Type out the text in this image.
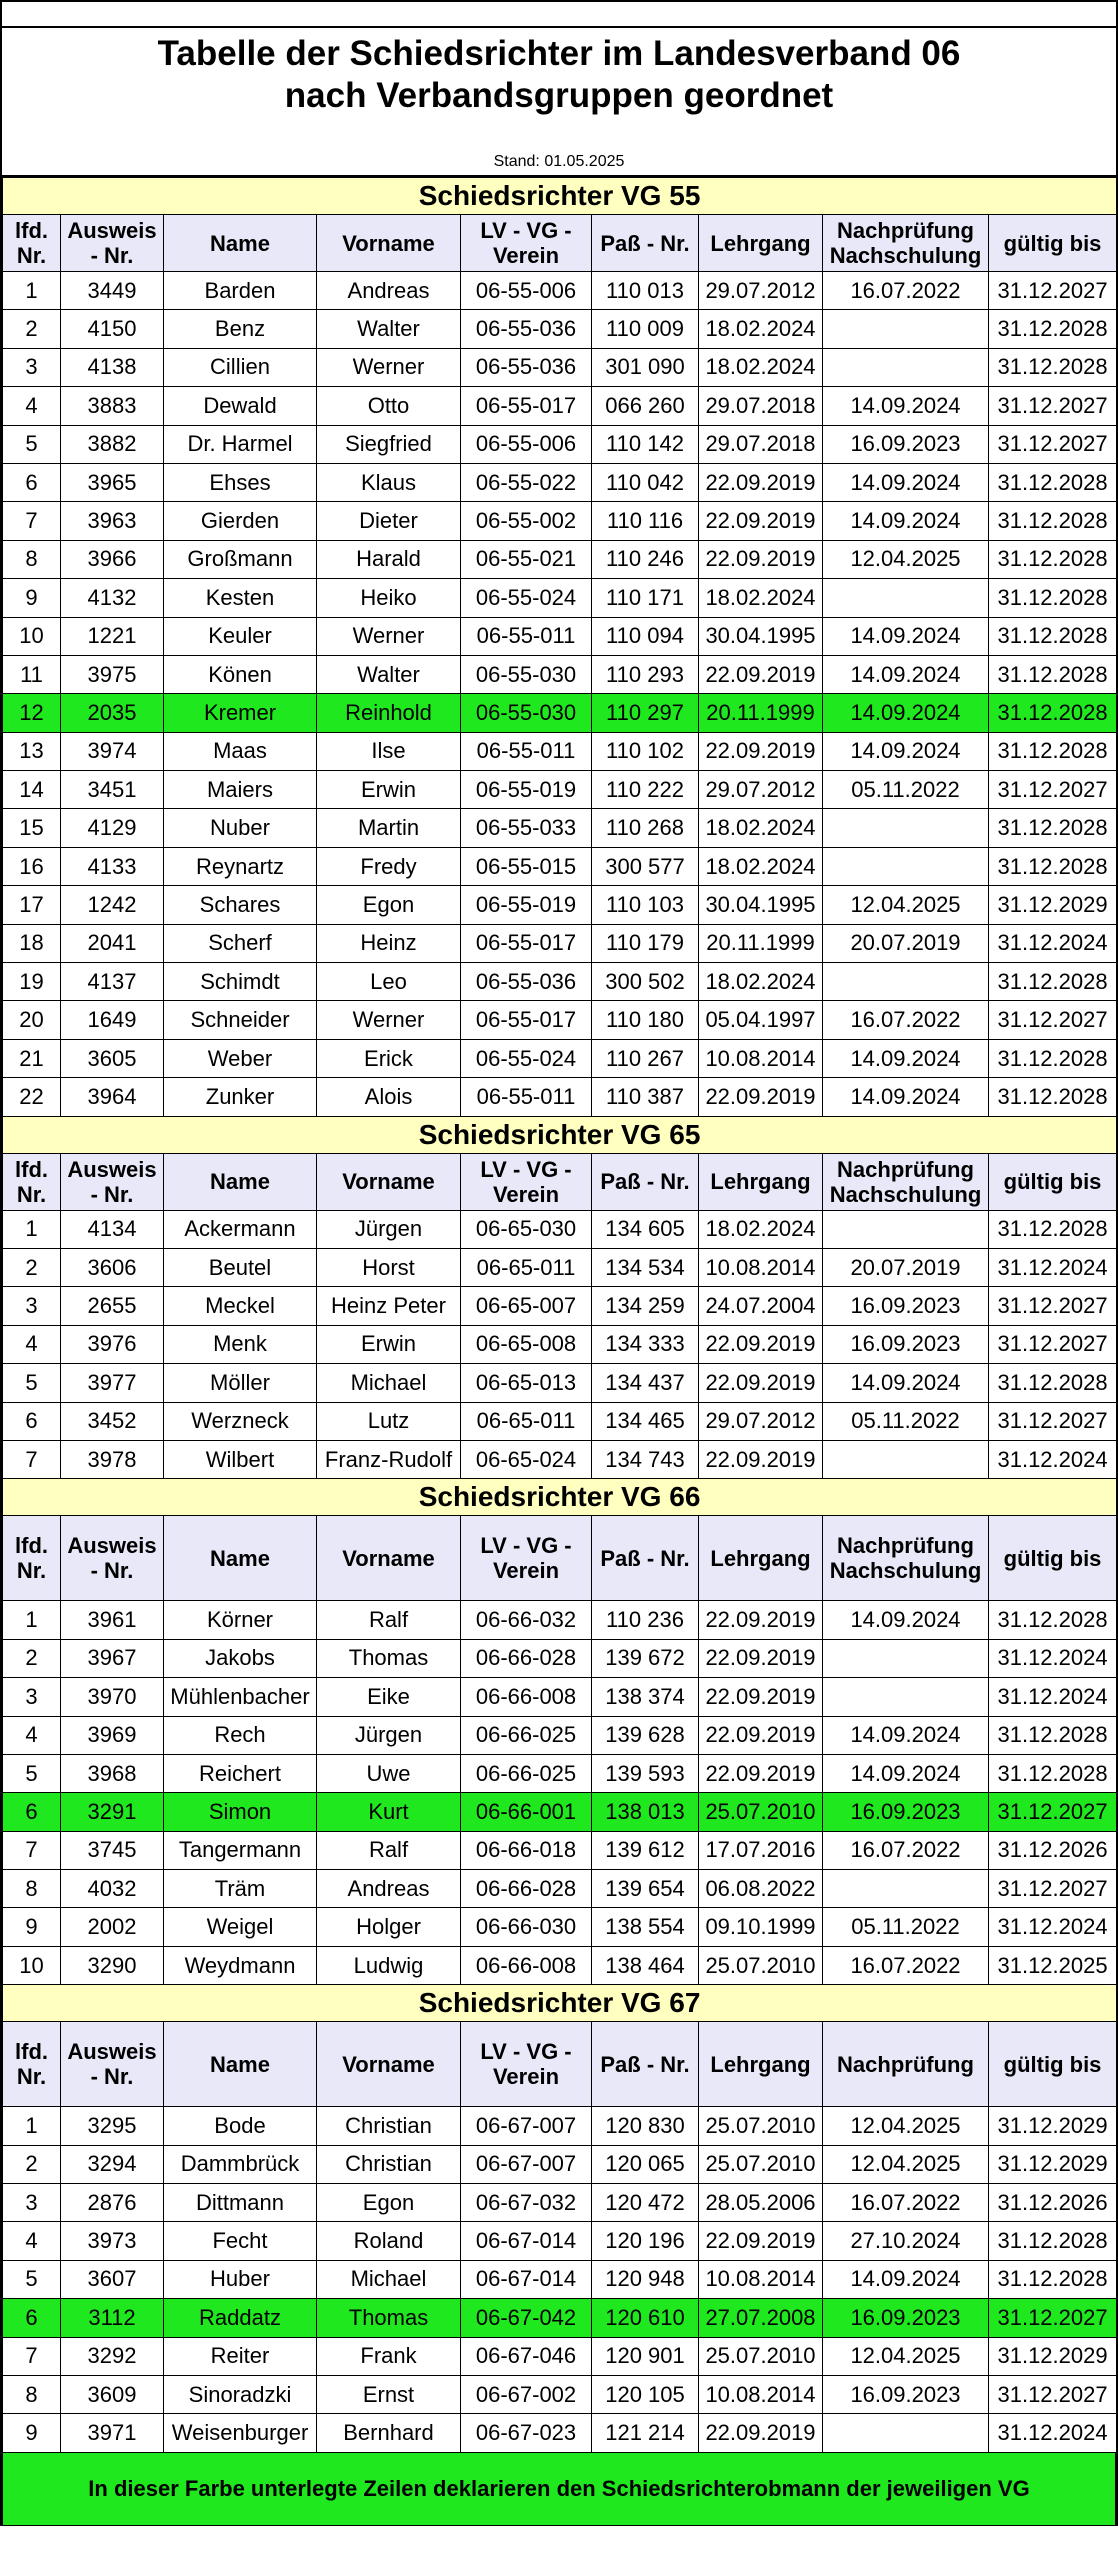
Tabelle der Schiedsrichter im Landesverband 06
nach Verbandsgruppen geordnet
Stand: 01.05.2025
Schiedsrichter VG 55								
lfd. Nr.	Ausweis - Nr.	Name	Vorname	LV - VG - Verein	Paß - Nr.	Lehrgang	Nachprüfung Nachschulung	gültig bis
1	3449	Barden	Andreas	06-55-006	110 013	29.07.2012	16.07.2022	31.12.2027
2	4150	Benz	Walter	06-55-036	110 009	18.02.2024		31.12.2028
3	4138	Cillien	Werner	06-55-036	301 090	18.02.2024		31.12.2028
4	3883	Dewald	Otto	06-55-017	066 260	29.07.2018	14.09.2024	31.12.2027
5	3882	Dr. Harmel	Siegfried	06-55-006	110 142	29.07.2018	16.09.2023	31.12.2027
6	3965	Ehses	Klaus	06-55-022	110 042	22.09.2019	14.09.2024	31.12.2028
7	3963	Gierden	Dieter	06-55-002	110 116	22.09.2019	14.09.2024	31.12.2028
8	3966	Großmann	Harald	06-55-021	110 246	22.09.2019	12.04.2025	31.12.2028
9	4132	Kesten	Heiko	06-55-024	110 171	18.02.2024		31.12.2028
10	1221	Keuler	Werner	06-55-011	110 094	30.04.1995	14.09.2024	31.12.2028
11	3975	Könen	Walter	06-55-030	110 293	22.09.2019	14.09.2024	31.12.2028
12	2035	Kremer	Reinhold	06-55-030	110 297	20.11.1999	14.09.2024	31.12.2028
13	3974	Maas	Ilse	06-55-011	110 102	22.09.2019	14.09.2024	31.12.2028
14	3451	Maiers	Erwin	06-55-019	110 222	29.07.2012	05.11.2022	31.12.2027
15	4129	Nuber	Martin	06-55-033	110 268	18.02.2024		31.12.2028
16	4133	Reynartz	Fredy	06-55-015	300 577	18.02.2024		31.12.2028
17	1242	Schares	Egon	06-55-019	110 103	30.04.1995	12.04.2025	31.12.2029
18	2041	Scherf	Heinz	06-55-017	110 179	20.11.1999	20.07.2019	31.12.2024
19	4137	Schimdt	Leo	06-55-036	300 502	18.02.2024		31.12.2028
20	1649	Schneider	Werner	06-55-017	110 180	05.04.1997	16.07.2022	31.12.2027
21	3605	Weber	Erick	06-55-024	110 267	10.08.2014	14.09.2024	31.12.2028
22	3964	Zunker	Alois	06-55-011	110 387	22.09.2019	14.09.2024	31.12.2028
Schiedsrichter VG 65								
lfd. Nr.	Ausweis - Nr.	Name	Vorname	LV - VG - Verein	Paß - Nr.	Lehrgang	Nachprüfung Nachschulung	gültig bis
1	4134	Ackermann	Jürgen	06-65-030	134 605	18.02.2024		31.12.2028
2	3606	Beutel	Horst	06-65-011	134 534	10.08.2014	20.07.2019	31.12.2024
3	2655	Meckel	Heinz Peter	06-65-007	134 259	24.07.2004	16.09.2023	31.12.2027
4	3976	Menk	Erwin	06-65-008	134 333	22.09.2019	16.09.2023	31.12.2027
5	3977	Möller	Michael	06-65-013	134 437	22.09.2019	14.09.2024	31.12.2028
6	3452	Werzneck	Lutz	06-65-011	134 465	29.07.2012	05.11.2022	31.12.2027
7	3978	Wilbert	Franz-Rudolf	06-65-024	134 743	22.09.2019		31.12.2024
Schiedsrichter VG 66								
lfd. Nr.	Ausweis - Nr.	Name	Vorname	LV - VG - Verein	Paß - Nr.	Lehrgang	Nachprüfung Nachschulung	gültig bis
1	3961	Körner	Ralf	06-66-032	110 236	22.09.2019	14.09.2024	31.12.2028
2	3967	Jakobs	Thomas	06-66-028	139 672	22.09.2019		31.12.2024
3	3970	Mühlenbacher	Eike	06-66-008	138 374	22.09.2019		31.12.2024
4	3969	Rech	Jürgen	06-66-025	139 628	22.09.2019	14.09.2024	31.12.2028
5	3968	Reichert	Uwe	06-66-025	139 593	22.09.2019	14.09.2024	31.12.2028
6	3291	Simon	Kurt	06-66-001	138 013	25.07.2010	16.09.2023	31.12.2027
7	3745	Tangermann	Ralf	06-66-018	139 612	17.07.2016	16.07.2022	31.12.2026
8	4032	Träm	Andreas	06-66-028	139 654	06.08.2022		31.12.2027
9	2002	Weigel	Holger	06-66-030	138 554	09.10.1999	05.11.2022	31.12.2024
10	3290	Weydmann	Ludwig	06-66-008	138 464	25.07.2010	16.07.2022	31.12.2025
Schiedsrichter VG 67								
lfd. Nr.	Ausweis - Nr.	Name	Vorname	LV - VG - Verein	Paß - Nr.	Lehrgang	Nachprüfung	gültig bis
1	3295	Bode	Christian	06-67-007	120 830	25.07.2010	12.04.2025	31.12.2029
2	3294	Dammbrück	Christian	06-67-007	120 065	25.07.2010	12.04.2025	31.12.2029
3	2876	Dittmann	Egon	06-67-032	120 472	28.05.2006	16.07.2022	31.12.2026
4	3973	Fecht	Roland	06-67-014	120 196	22.09.2019	27.10.2024	31.12.2028
5	3607	Huber	Michael	06-67-014	120 948	10.08.2014	14.09.2024	31.12.2028
6	3112	Raddatz	Thomas	06-67-042	120 610	27.07.2008	16.09.2023	31.12.2027
7	3292	Reiter	Frank	06-67-046	120 901	25.07.2010	12.04.2025	31.12.2029
8	3609	Sinoradzki	Ernst	06-67-002	120 105	10.08.2014	16.09.2023	31.12.2027
9	3971	Weisenburger	Bernhard	06-67-023	121 214	22.09.2019		31.12.2024
In dieser Farbe unterlegte Zeilen deklarieren den Schiedsrichterobmann der jeweiligen VG
